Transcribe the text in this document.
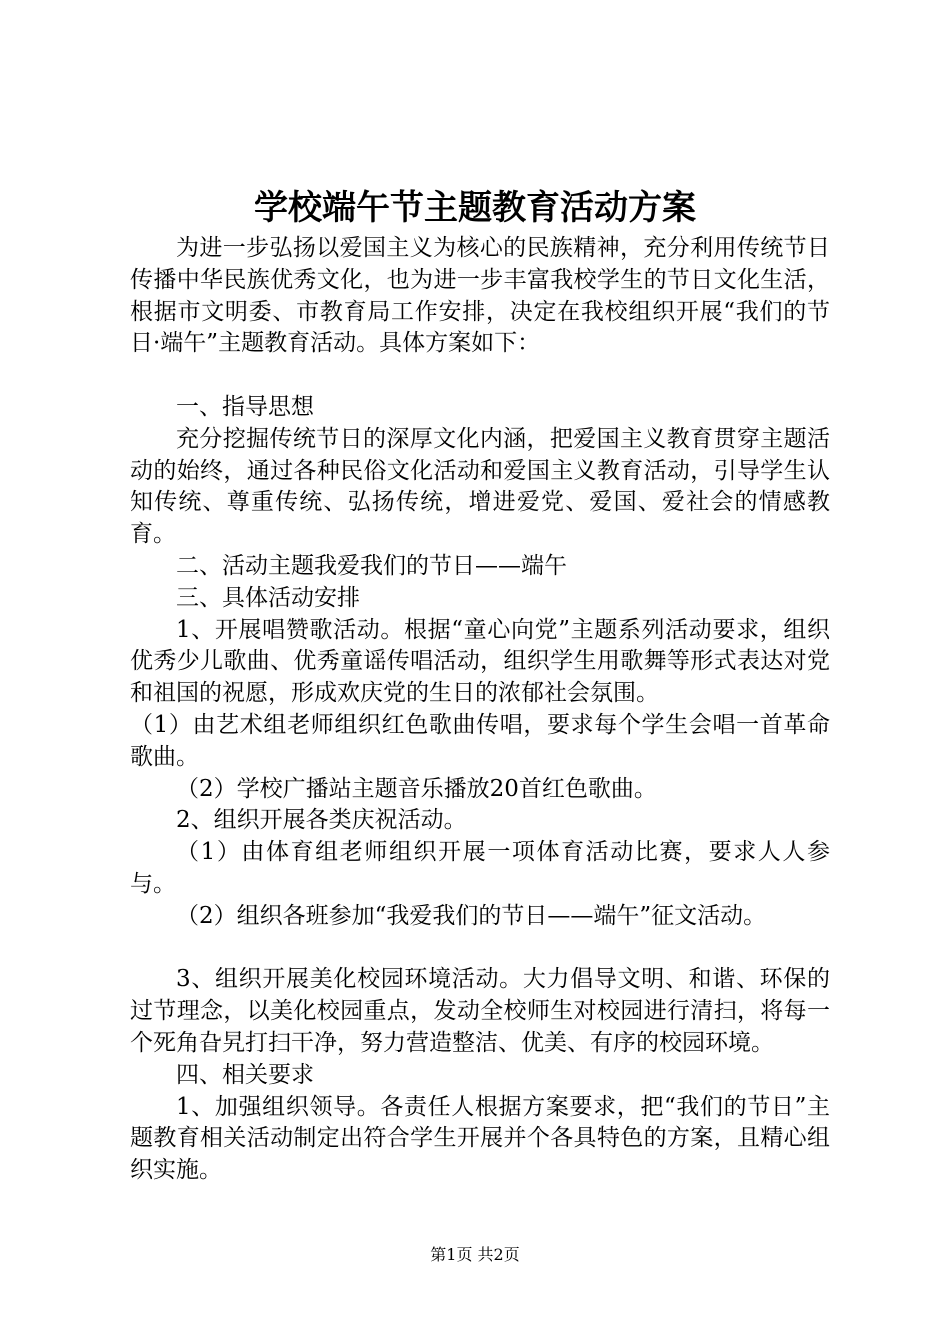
学校端午节主题教育活动方案

为进一步弘扬以爱国主义为核心的民族精神，充分利用传统节日传播中华民族优秀文化，也为进一步丰富我校学生的节日文化生活，根据市文明委、市教育局工作安排，决定在我校组织开展“我们的节日·端午”主题教育活动。具体方案如下：

一、指导思想

充分挖掘传统节日的深厚文化内涵，把爱国主义教育贯穿主题活动的始终，通过各种民俗文化活动和爱国主义教育活动，引导学生认知传统、尊重传统、弘扬传统，增进爱党、爱国、爱社会的情感教育。

二、活动主题我爱我们的节日——端午

三、具体活动安排

1、开展唱赞歌活动。根据“童心向党”主题系列活动要求，组织优秀少儿歌曲、优秀童谣传唱活动，组织学生用歌舞等形式表达对党和祖国的祝愿，形成欢庆党的生日的浓郁社会氛围。

（1）由艺术组老师组织红色歌曲传唱，要求每个学生会唱一首革命歌曲。

（2）学校广播站主题音乐播放20首红色歌曲。

2、组织开展各类庆祝活动。

（1）由体育组老师组织开展一项体育活动比赛，要求人人参与。

（2）组织各班参加“我爱我们的节日——端午”征文活动。

3、组织开展美化校园环境活动。大力倡导文明、和谐、环保的过节理念，以美化校园重点，发动全校师生对校园进行清扫，将每一个死角旮旯打扫干净，努力营造整洁、优美、有序的校园环境。

四、相关要求

1、加强组织领导。各责任人根据方案要求，把“我们的节日”主题教育相关活动制定出符合学生开展并个各具特色的方案，且精心组织实施。

第1页 共2页
